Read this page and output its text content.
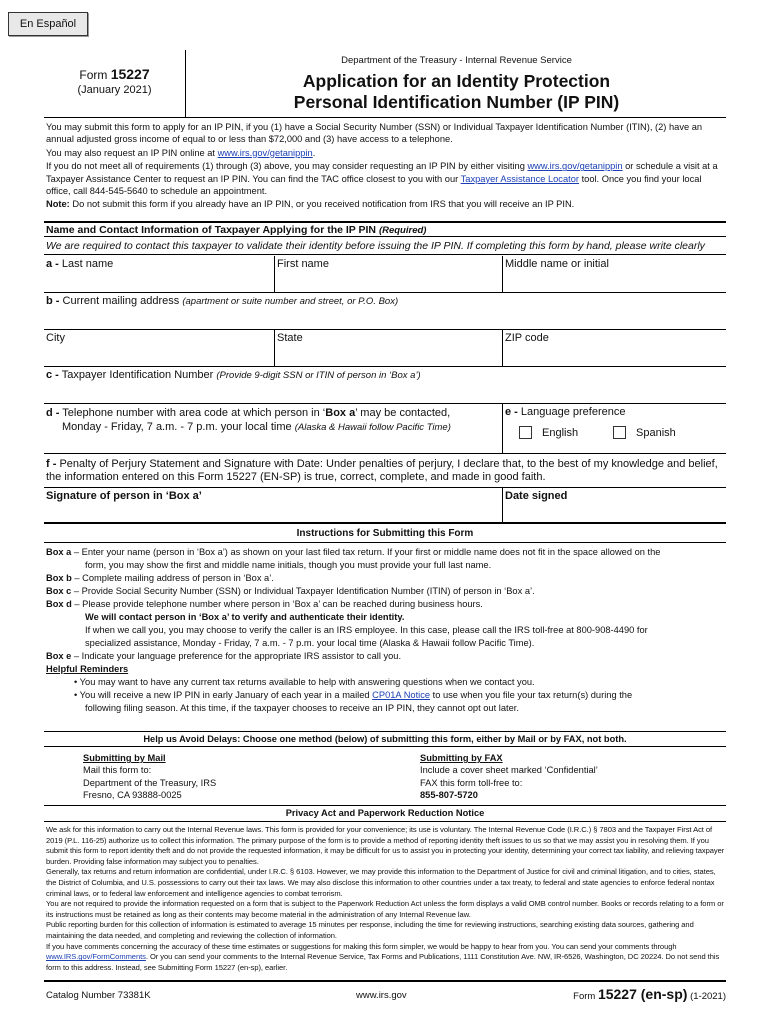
En Español
Form 15227
(January 2021)
Department of the Treasury - Internal Revenue Service
Application for an Identity Protection
Personal Identification Number (IP PIN)

You may submit this form to apply for an IP PIN, if you (1) have a Social Security Number (SSN) or Individual Taxpayer Identification Number (ITIN), (2) have an annual adjusted gross income of equal to or less than $72,000 and (3) have access to a telephone.

You may also request an IP PIN online at www.irs.gov/getanippin.

If you do not meet all of requirements (1) through (3) above, you may consider requesting an IP PIN by either visiting www.irs.gov/getanippin or schedule a visit at a Taxpayer Assistance Center to request an IP PIN. You can find the TAC office closest to you with our Taxpayer Assistance Locator tool. Once you find your local office, call 844-545-5640 to schedule an appointment.

Note: Do not submit this form if you already have an IP PIN, or you received notification from IRS that you will receive an IP PIN.

Name and Contact Information of Taxpayer Applying for the IP PIN (Required)
We are required to contact this taxpayer to validate their identity before issuing the IP PIN. If completing this form by hand, please write clearly
a - Last name	First name	Middle name or initial
b - Current mailing address (apartment or suite number and street, or P.O. Box)
City	State	ZIP code
c - Taxpayer Identification Number (Provide 9-digit SSN or ITIN of person in ‘Box a’)
d - Telephone number with area code at which person in ‘Box a’ may be contacted,
Monday - Friday, 7 a.m. - 7 p.m. your local time (Alaska & Hawaii follow Pacific Time)
e - Language preference
English	Spanish
f - Penalty of Perjury Statement and Signature with Date: Under penalties of perjury, I declare that, to the best of my knowledge and belief, the information entered on this Form 15227 (EN-SP) is true, correct, complete, and made in good faith.
Signature of person in ‘Box a’	Date signed
Instructions for Submitting this Form
Box a – Enter your name (person in ‘Box a’) as shown on your last filed tax return. If your first or middle name does not fit in the space allowed on the
form, you may show the first and middle name initials, though you must provide your full last name.
Box b – Complete mailing address of person in ‘Box a’.
Box c – Provide Social Security Number (SSN) or Individual Taxpayer Identification Number (ITIN) of person in ‘Box a’.
Box d – Please provide telephone number where person in ‘Box a’ can be reached during business hours.
We will contact person in ‘Box a’ to verify and authenticate their identity.
If when we call you, you may choose to verify the caller is an IRS employee. In this case, please call the IRS toll-free at 800-908-4490 for
specialized assistance, Monday - Friday, 7 a.m. - 7 p.m. your local time (Alaska & Hawaii follow Pacific Time).
Box e – Indicate your language preference for the appropriate IRS assistor to call you.
Helpful Reminders
• You may want to have any current tax returns available to help with answering questions when we contact you.
• You will receive a new IP PIN in early January of each year in a mailed CP01A Notice to use when you file your tax return(s) during the
following filing season. At this time, if the taxpayer chooses to receive an IP PIN, they cannot opt out later.
Help us Avoid Delays: Choose one method (below) of submitting this form, either by Mail or by FAX, not both.
Submitting by Mail
Mail this form to:
Department of the Treasury, IRS
Fresno, CA 93888-0025
Submitting by FAX
Include a cover sheet marked ‘Confidential’
FAX this form toll-free to:
855-807-5720
Privacy Act and Paperwork Reduction Notice
We ask for this information to carry out the Internal Revenue laws. This form is provided for your convenience; its use is voluntary. The Internal Revenue Code (I.R.C.) § 7803 and the Taxpayer First Act of 2019 (P.L. 116-25) authorize us to collect this information. The primary purpose of the form is to provide a method of reporting identity theft issues to us so that we may assist you in resolving them. If you submit this form to report identity theft and do not provide the requested information, it may be difficult for us to assist you in protecting your identity, determining your correct tax liability, and relieving taxpayer burden. Providing false information may subject you to penalties.
Generally, tax returns and return information are confidential, under I.R.C. § 6103. However, we may provide this information to the Department of Justice for civil and criminal litigation, and to cities, states, the District of Columbia, and U.S. possessions to carry out their tax laws. We may also disclose this information to other countries under a tax treaty, to federal and state agencies to enforce federal nontax criminal laws, or to federal law enforcement and intelligence agencies to combat terrorism.
You are not required to provide the information requested on a form that is subject to the Paperwork Reduction Act unless the form displays a valid OMB control number. Books or records relating to a form or its instructions must be retained as long as their contents may become material in the administration of any Internal Revenue law.
Public reporting burden for this collection of information is estimated to average 15 minutes per response, including the time for reviewing instructions, searching existing data sources, gathering and maintaining the data needed, and completing and reviewing the collection of information.
If you have comments concerning the accuracy of these time estimates or suggestions for making this form simpler, we would be happy to hear from you. You can send your comments through www.IRS.gov/FormComments. Or you can send your comments to the Internal Revenue Service, Tax Forms and Publications, 1111 Constitution Ave. NW, IR-6526, Washington, DC 20224. Do not send this form to this address. Instead, see Submitting Form 15227 (en-sp), earlier.
Catalog Number 73381K	www.irs.gov	Form 15227 (en-sp) (1-2021)
